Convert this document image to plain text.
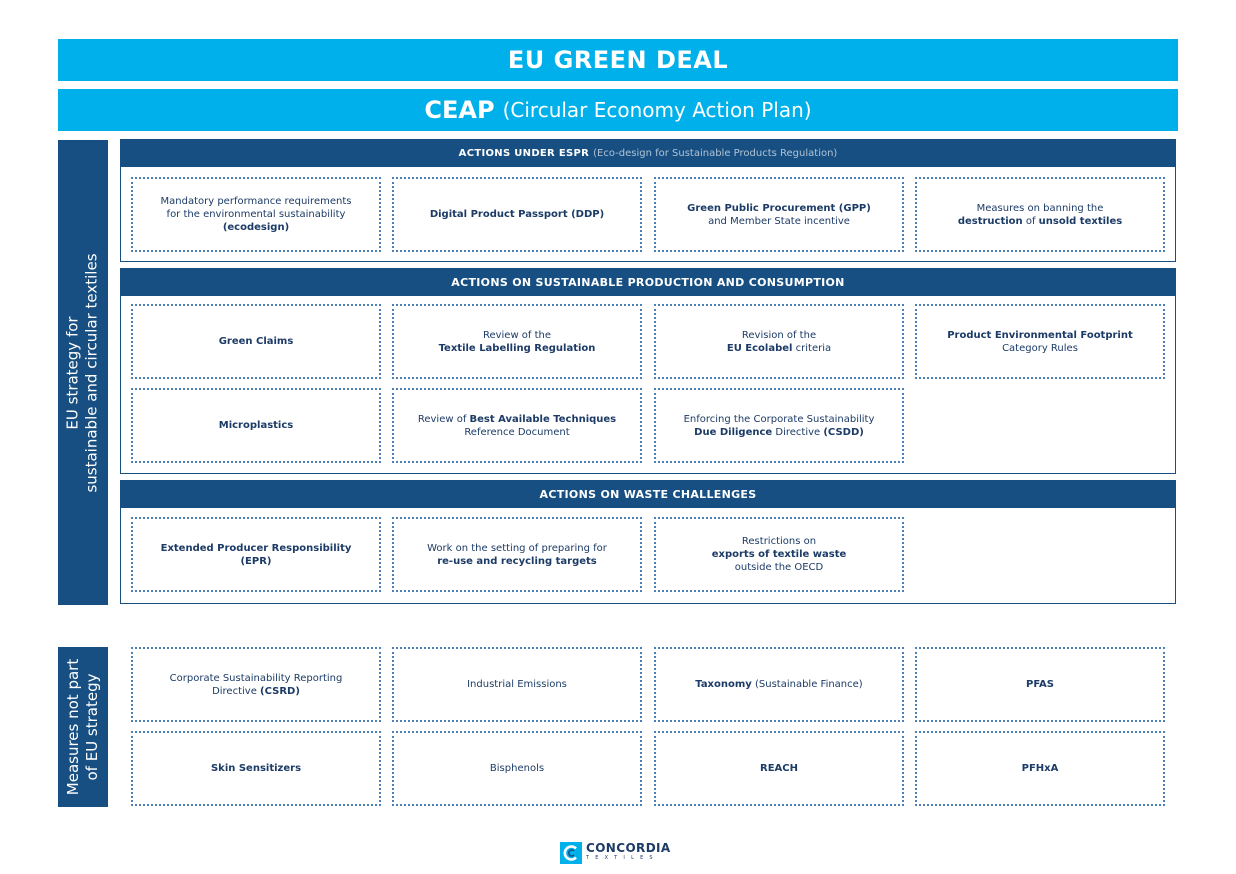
EU GREEN DEAL
CEAP (Circular Economy Action Plan)
EU strategy for sustainable and circular textiles
Measures not part of EU strategy
ACTIONS UNDER ESPR (Eco-design for Sustainable Products Regulation)
Mandatory performance requirements
for the environmental sustainability
(ecodesign)
Digital Product Passport (DDP)
Green Public Procurement (GPP)
and Member State incentive
Measures on banning the
destruction of unsold textiles
ACTIONS ON SUSTAINABLE PRODUCTION AND CONSUMPTION
Green Claims
Review of the
Textile Labelling Regulation
Revision of the
EU Ecolabel criteria
Product Environmental Footprint
Category Rules
Microplastics
Review of Best Available Techniques
Reference Document
Enforcing the Corporate Sustainability
Due Diligence Directive (CSDD)
ACTIONS ON WASTE CHALLENGES
Extended Producer Responsibility
(EPR)
Work on the setting of preparing for
re-use and recycling targets
Restrictions on
exports of textile waste
outside the OECD
Corporate Sustainability Reporting
Directive (CSRD)
Industrial Emissions	Taxonomy (Sustainable Finance)	PFAS
Skin Sensitizers	Bisphenols	REACH	PFHxA
CONCORDIA
TEXTILES
